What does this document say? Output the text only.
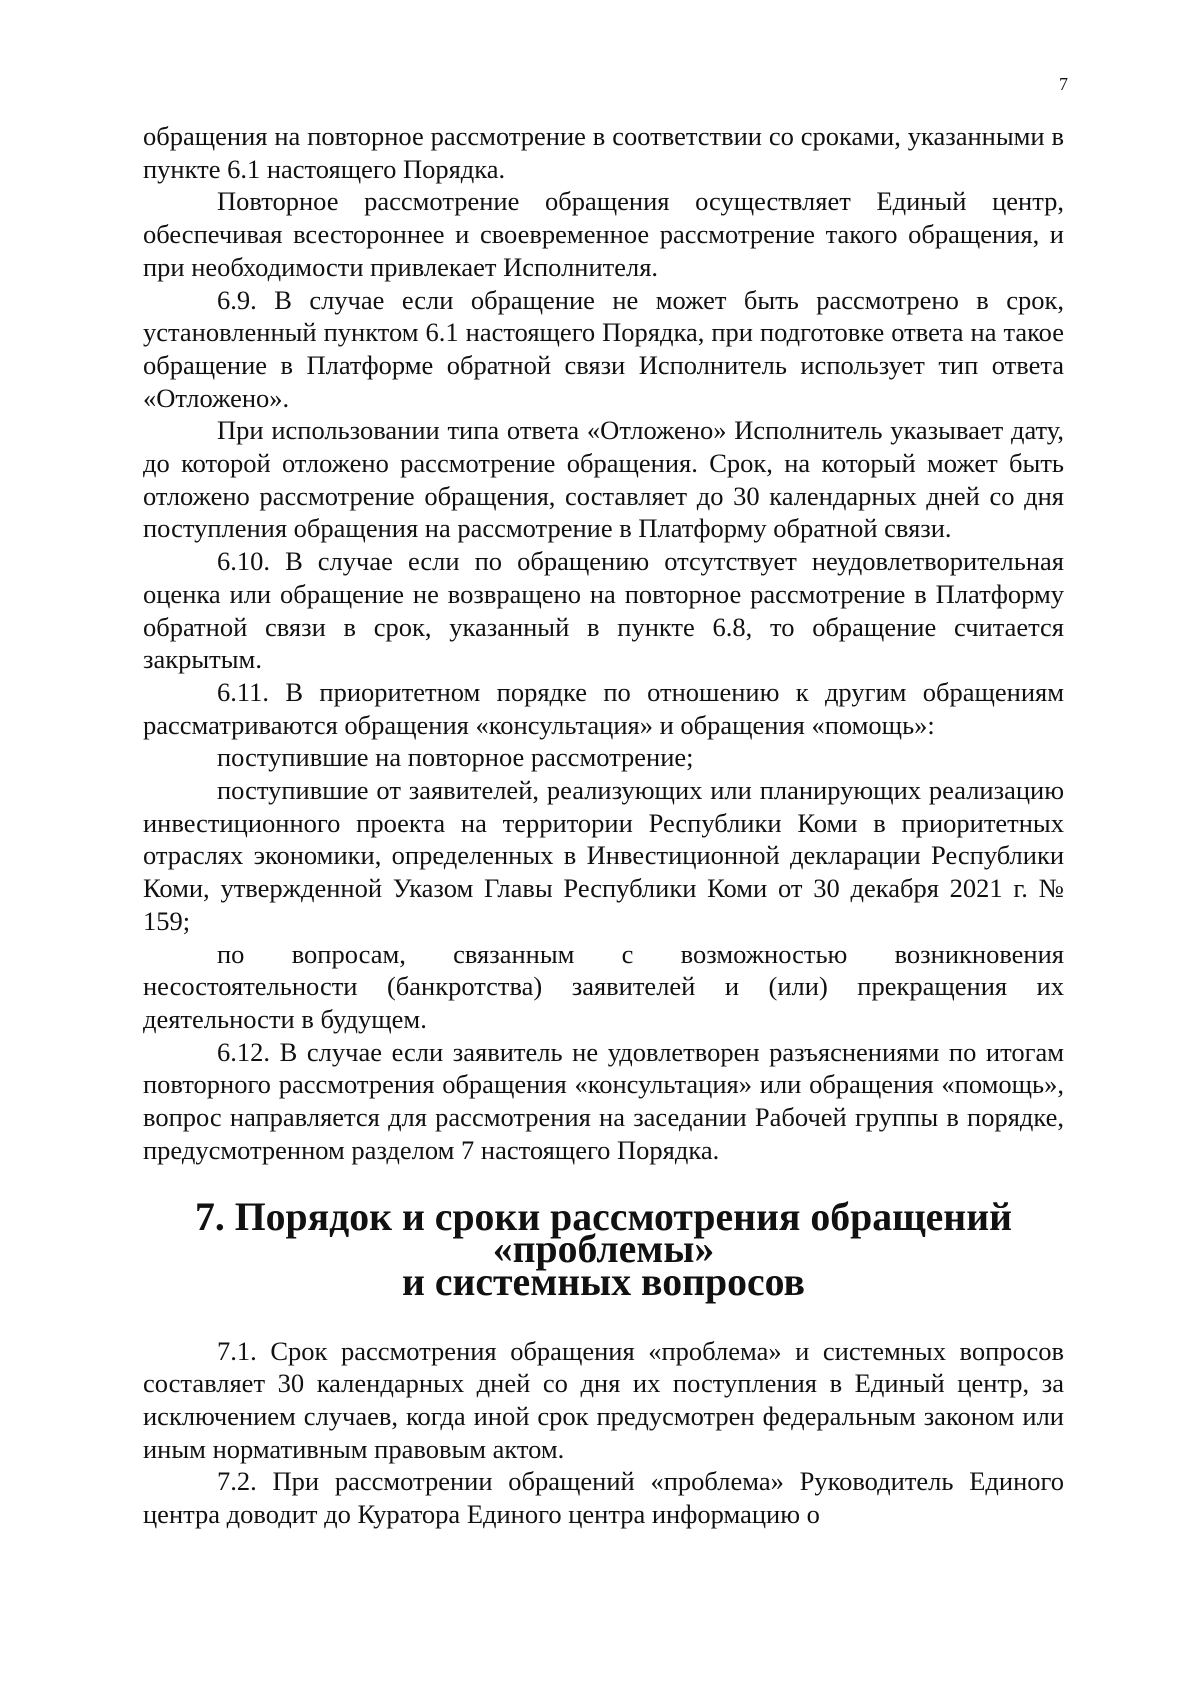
7

обращения на повторное рассмотрение в соответствии со сроками, указанными в пункте 6.1 настоящего Порядка.

Повторное рассмотрение обращения осуществляет Единый центр, обеспечивая всестороннее и своевременное рассмотрение такого обращения, и при необходимости привлекает Исполнителя.

6.9. В случае если обращение не может быть рассмотрено в срок, установленный пунктом 6.1 настоящего Порядка, при подготовке ответа на такое обращение в Платформе обратной связи Исполнитель использует тип ответа «Отложено».

При использовании типа ответа «Отложено» Исполнитель указывает дату, до которой отложено рассмотрение обращения. Срок, на который может быть отложено рассмотрение обращения, составляет до 30 календарных дней со дня поступления обращения на рассмотрение в Платформу обратной связи.

6.10. В случае если по обращению отсутствует неудовлетворительная оценка или обращение не возвращено на повторное рассмотрение в Платформу обратной связи в срок, указанный в пункте 6.8, то обращение считается закрытым.

6.11. В приоритетном порядке по отношению к другим обращениям рассматриваются обращения «консультация» и обращения «помощь»:

поступившие на повторное рассмотрение;

поступившие от заявителей, реализующих или планирующих реализацию инвестиционного проекта на территории Республики Коми в приоритетных отраслях экономики, определенных в Инвестиционной декларации Республики Коми, утвержденной Указом Главы Республики Коми от 30 декабря 2021 г. № 159;

по вопросам, связанным с возможностью возникновения несостоятельности (банкротства) заявителей и (или) прекращения их деятельности в будущем.

6.12. В случае если заявитель не удовлетворен разъяснениями по итогам повторного рассмотрения обращения «консультация» или обращения «помощь», вопрос направляется для рассмотрения на заседании Рабочей группы в порядке, предусмотренном разделом 7 настоящего Порядка.

7. Порядок и сроки рассмотрения обращений «проблемы»
и системных вопросов

7.1. Срок рассмотрения обращения «проблема» и системных вопросов составляет 30 календарных дней со дня их поступления в Единый центр, за исключением случаев, когда иной срок предусмотрен федеральным законом или иным нормативным правовым актом.

7.2. При рассмотрении обращений «проблема» Руководитель Единого центра доводит до Куратора Единого центра информацию о
